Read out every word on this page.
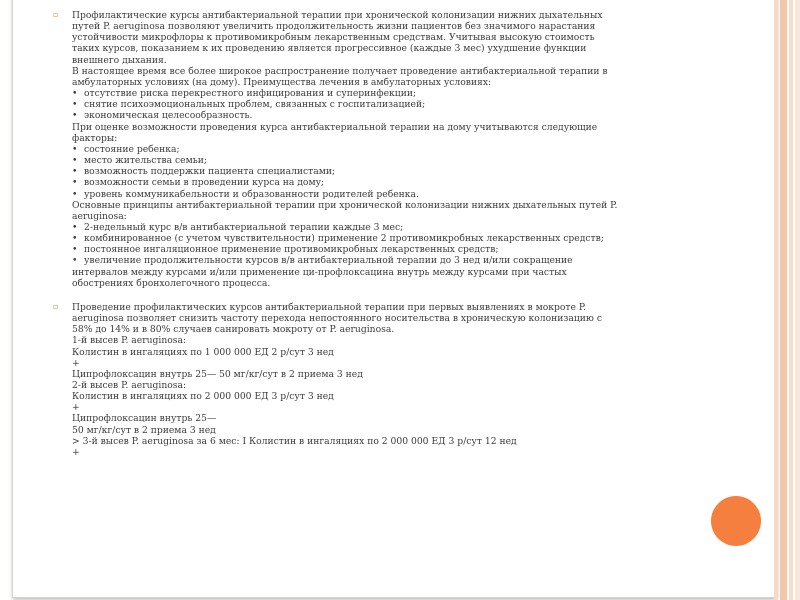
▫ Профилактические курсы антибактериальной терапии при хронической колонизации нижних дыхательных
путей P. aeruginosa позволяют увеличить продолжительность жизни пациентов без значимого нарастания
устойчивости микрофлоры к противомикробным лекарственным средствам. Учитывая высокую стоимость
таких курсов, показанием к их проведению является прогрессивное (каждые 3 мес) ухудшение функции
внешнего дыхания.
В настоящее время все более широкое распространение получает проведение антибактериальной терапии в
амбулаторных условиях (на дому). Преимущества лечения в амбулаторных условиях:
• отсутствие риска перекрестного инфицирования и суперинфекции;
• снятие психоэмоциональных проблем, связанных с госпитализацией;
• экономическая целесообразность.
При оценке возможности проведения курса антибактериальной терапии на дому учитываются следующие
факторы:
• состояние ребенка;
• место жительства семьи;
• возможность поддержки пациента специалистами;
• возможности семьи в проведении курса на дому;
• уровень коммуникабельности и образованности родителей ребенка.
Основные принципы антибактериальной терапии при хронической колонизации нижних дыхательных путей P.
aeruginosa:
• 2-недельный курс в/в антибактериальной терапии каждые 3 мес;
• комбинированное (с учетом чувствительности) применение 2 противомикробных лекарственных средств;
• постоянное ингаляционное применение противомикробных лекарственных средств;
• увеличение продолжительности курсов в/в антибактериальной терапии до 3 нед и/или сокращение
интервалов между курсами и/или применение ци-профлоксацина внутрь между курсами при частых
обострениях бронхолегочного процесса.
▫ Проведение профилактических курсов антибактериальной терапии при первых выявлениях в мокроте P.
aeruginosa позволяет снизить частоту перехода непостоянного носительства в хроническую колонизацию с
58% до 14% и в 80% случаев санировать мокроту от P. aeruginosa.
1-й высев P. aeruginosa:
Колистин в ингаляциях по 1 000 000 ЕД 2 р/сут 3 нед
+
Ципрофлоксацин внутрь 25— 50 мг/кг/сут в 2 приема 3 нед
2-й высев P. aeruginosa:
Колистин в ингаляциях по 2 000 000 ЕД 3 р/сут 3 нед
+
Ципрофлоксацин внутрь 25—
50 мг/кг/сут в 2 приема 3 нед
> 3-й высев P. aeruginosa за 6 мес: I Колистин в ингаляциях по 2 000 000 ЕД 3 р/сут 12 нед
+
